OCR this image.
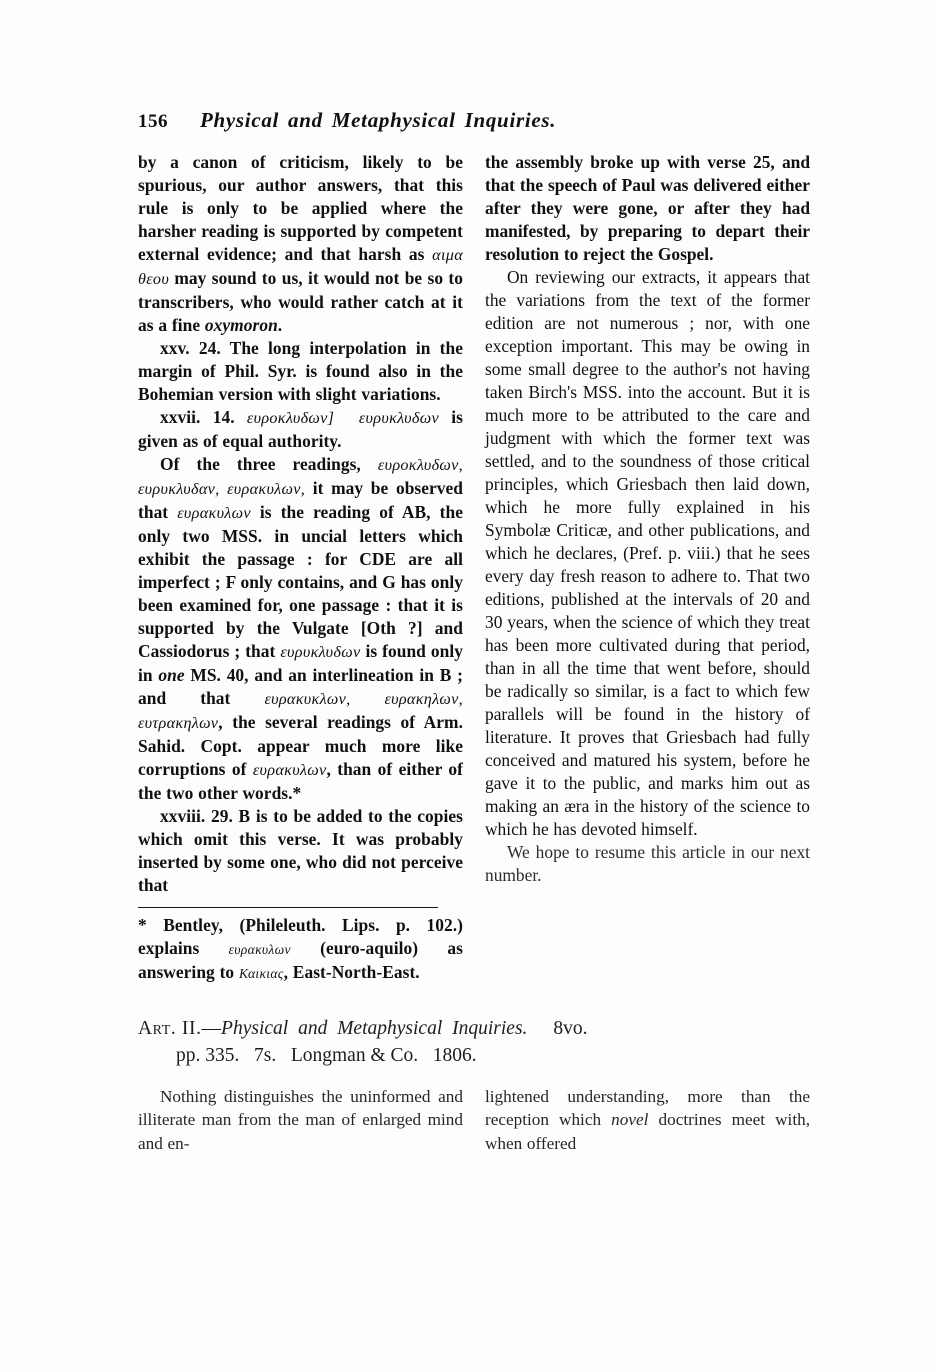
156	Physical and Metaphysical Inquiries.

by a canon of criticism, likely to be spurious, our author answers, that this rule is only to be applied where the harsher reading is supported by competent external evidence; and that harsh as αιμα θεου may sound to us, it would not be so to transcribers, who would rather catch at it as a fine oxymoron.

xxv. 24. The long interpolation in the margin of Phil. Syr. is found also in the Bohemian version with slight variations.

xxvii. 14. ευροκλυδων] ευρυκλυδων is given as of equal authority.

Of the three readings, ευροκλυδων, ευρυκλυδαν, ευρακυλων, it may be observed that ευρακυλων is the reading of AB, the only two MSS. in uncial letters which exhibit the passage : for CDE are all imperfect ; F only contains, and G has only been examined for, one passage : that it is supported by the Vulgate [Oth ?] and Cassiodorus ; that ευρυκλυδων is found only in one MS. 40, and an interlineation in B ; and that ευρακυκλων, ευρακηλων, ευτρακηλων, the several readings of Arm. Sahid. Copt. appear much more like corruptions of ευρακυλων, than of either of the two other words.*

xxviii. 29. B is to be added to the copies which omit this verse. It was probably inserted by some one, who did not perceive that

* Bentley, (Phileleuth. Lips. p. 102.) explains ευρακυλων (euro-aquilo) as answering to Καικιας, East-North-East.

the assembly broke up with verse 25, and that the speech of Paul was delivered either after they were gone, or after they had manifested, by preparing to depart their resolution to reject the Gospel.

On reviewing our extracts, it appears that the variations from the text of the former edition are not numerous ; nor, with one exception important. This may be owing in some small degree to the author's not having taken Birch's MSS. into the account. But it is much more to be attributed to the care and judgment with which the former text was settled, and to the soundness of those critical principles, which Griesbach then laid down, which he more fully explained in his Symbolæ Criticæ, and other publications, and which he declares, (Pref. p. viii.) that he sees every day fresh reason to adhere to. That two editions, published at the intervals of 20 and 30 years, when the science of which they treat has been more cultivated during that period, than in all the time that went before, should be radically so similar, is a fact to which few parallels will be found in the history of literature. It proves that Griesbach had fully conceived and matured his system, before he gave it to the public, and marks him out as making an æra in the history of the science to which he has devoted himself.

We hope to resume this article in our next number.

Art. II.—Physical and Metaphysical Inquiries. 8vo.
pp. 335. 7s. Longman & Co. 1806.

Nothing distinguishes the uninformed and illiterate man from the man of enlarged mind and en-

lightened understanding, more than the reception which novel doctrines meet with, when offered
